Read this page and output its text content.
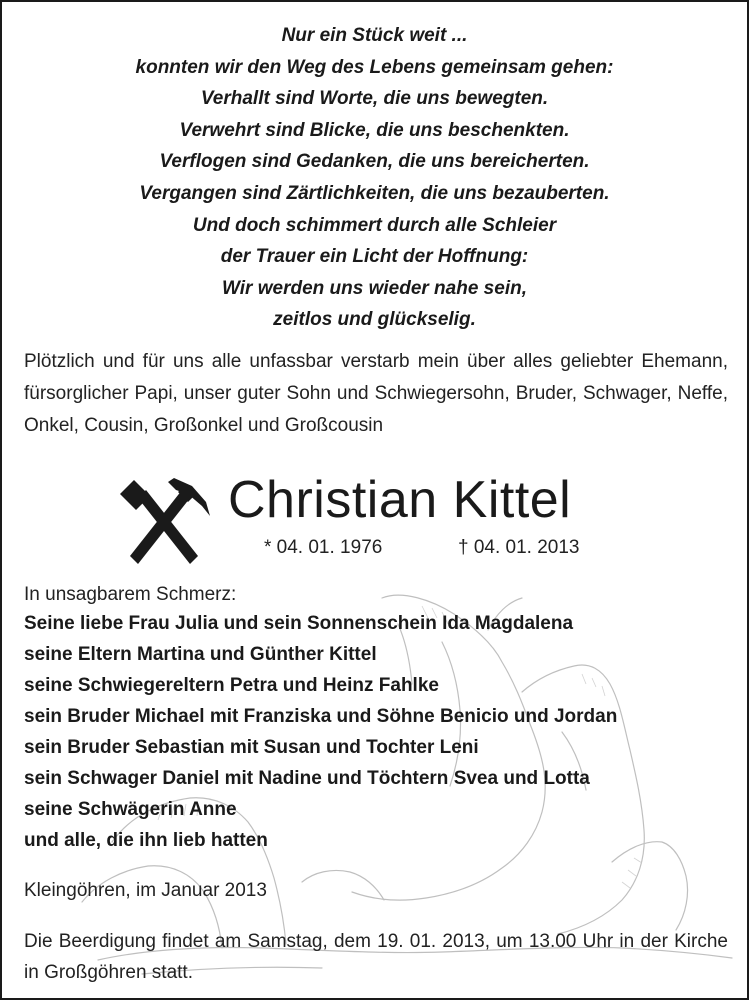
Nur ein Stück weit ...
konnten wir den Weg des Lebens gemeinsam gehen:
Verhallt sind Worte, die uns bewegten.
Verwehrt sind Blicke, die uns beschenkten.
Verflogen sind Gedanken, die uns bereicherten.
Vergangen sind Zärtlichkeiten, die uns bezauberten.
Und doch schimmert durch alle Schleier
der Trauer ein Licht der Hoffnung:
Wir werden uns wieder nahe sein,
zeitlos und glückselig.
Plötzlich und für uns alle unfassbar verstarb mein über alles geliebter Ehemann, fürsorglicher Papi, unser guter Sohn und Schwiegersohn, Bruder, Schwager, Neffe, Onkel, Cousin, Großonkel und Großcousin
Christian Kittel
* 04. 01. 1976	† 04. 01. 2013
In unsagbarem Schmerz:
Seine liebe Frau Julia und sein Sonnenschein Ida Magdalena
seine Eltern Martina und Günther Kittel
seine Schwiegereltern Petra und Heinz Fahlke
sein Bruder Michael mit Franziska und Söhne Benicio und Jordan
sein Bruder Sebastian mit Susan und Tochter Leni
sein Schwager Daniel mit Nadine und Töchtern Svea und Lotta
seine Schwägerin Anne
und alle, die ihn lieb hatten
Kleingöhren, im Januar 2013
Die Beerdigung findet am Samstag, dem 19. 01. 2013, um 13.00 Uhr in der Kirche in Großgöhren statt.
